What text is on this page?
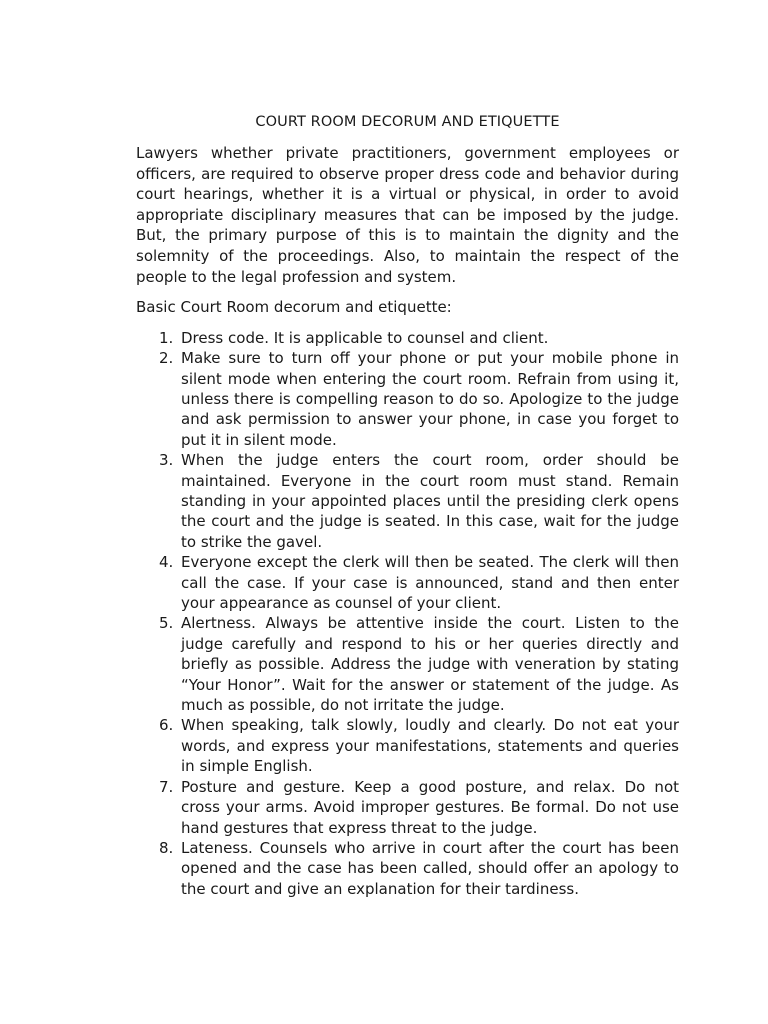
COURT ROOM DECORUM AND ETIQUETTE

Lawyers whether private practitioners, government employees or officers, are required to observe proper dress code and behavior during court hearings, whether it is a virtual or physical, in order to avoid appropriate disciplinary measures that can be imposed by the judge. But, the primary purpose of this is to maintain the dignity and the solemnity of the proceedings. Also, to maintain the respect of the people to the legal profession and system.

Basic Court Room decorum and etiquette:

1. Dress code. It is applicable to counsel and client.
2. Make sure to turn off your phone or put your mobile phone in silent mode when entering the court room. Refrain from using it, unless there is compelling reason to do so. Apologize to the judge and ask permission to answer your phone, in case you forget to put it in silent mode.
3. When the judge enters the court room, order should be maintained. Everyone in the court room must stand. Remain standing in your appointed places until the presiding clerk opens the court and the judge is seated. In this case, wait for the judge to strike the gavel.
4. Everyone except the clerk will then be seated. The clerk will then call the case. If your case is announced, stand and then enter your appearance as counsel of your client.
5. Alertness. Always be attentive inside the court. Listen to the judge carefully and respond to his or her queries directly and briefly as possible. Address the judge with veneration by stating “Your Honor”. Wait for the answer or statement of the judge. As much as possible, do not irritate the judge.
6. When speaking, talk slowly, loudly and clearly. Do not eat your words, and express your manifestations, statements and queries in simple English.
7. Posture and gesture. Keep a good posture, and relax. Do not cross your arms. Avoid improper gestures. Be formal. Do not use hand gestures that express threat to the judge.
8. Lateness. Counsels who arrive in court after the court has been opened and the case has been called, should offer an apology to the court and give an explanation for their tardiness.
